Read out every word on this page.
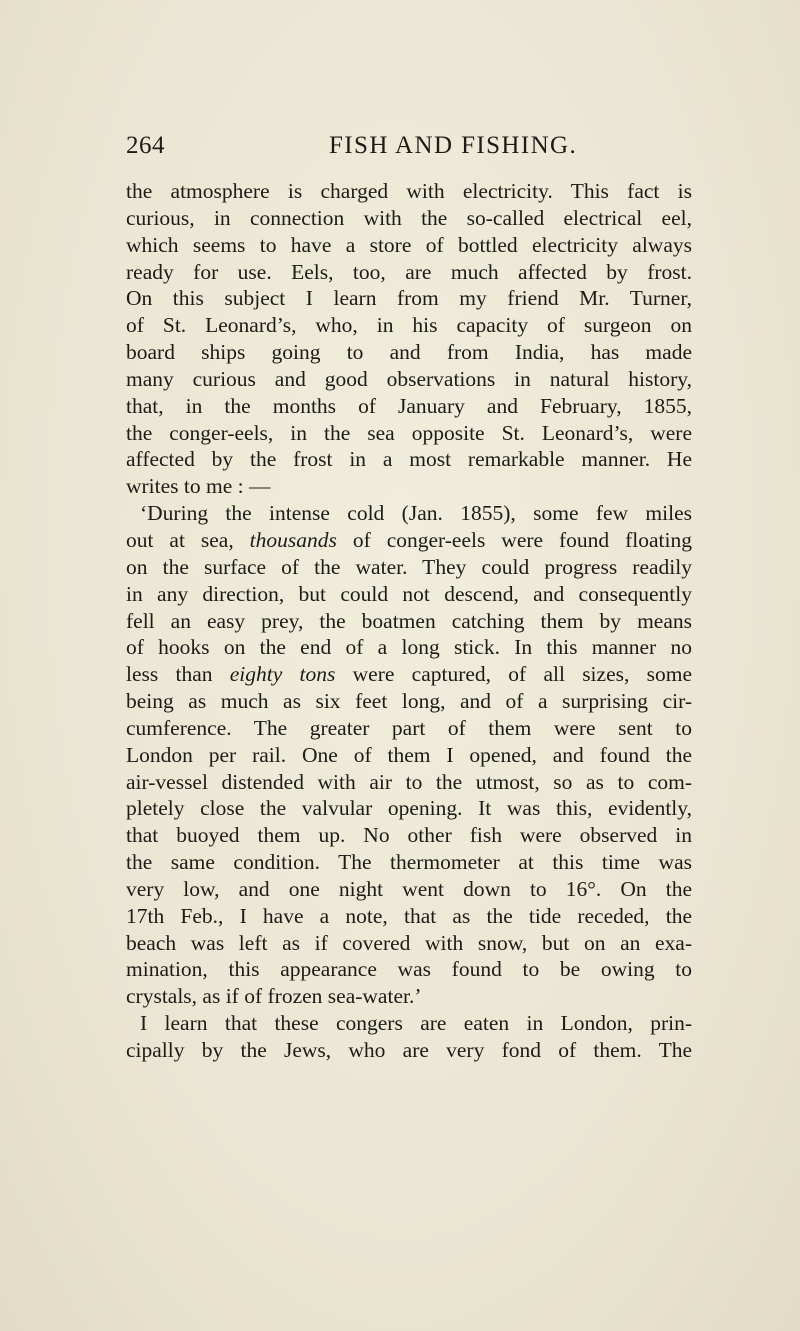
264	FISH AND FISHING.
the atmosphere is charged with electricity. This fact is
curious, in connection with the so-called electrical eel,
which seems to have a store of bottled electricity always
ready for use. Eels, too, are much affected by frost.
On this subject I learn from my friend Mr. Turner,
of St. Leonard’s, who, in his capacity of surgeon on
board ships going to and from India, has made
many curious and good observations in natural history,
that, in the months of January and February, 1855,
the conger-eels, in the sea opposite St. Leonard’s, were
affected by the frost in a most remarkable manner. He
writes to me : —
‘During the intense cold (Jan. 1855), some few miles
out at sea, thousands of conger-eels were found floating
on the surface of the water. They could progress readily
in any direction, but could not descend, and consequently
fell an easy prey, the boatmen catching them by means
of hooks on the end of a long stick. In this manner no
less than eighty tons were captured, of all sizes, some
being as much as six feet long, and of a surprising cir-
cumference. The greater part of them were sent to
London per rail. One of them I opened, and found the
air-vessel distended with air to the utmost, so as to com-
pletely close the valvular opening. It was this, evidently,
that buoyed them up. No other fish were observed in
the same condition. The thermometer at this time was
very low, and one night went down to 16°. On the
17th Feb., I have a note, that as the tide receded, the
beach was left as if covered with snow, but on an exa-
mination, this appearance was found to be owing to
crystals, as if of frozen sea-water.’
I learn that these congers are eaten in London, prin-
cipally by the Jews, who are very fond of them. The
